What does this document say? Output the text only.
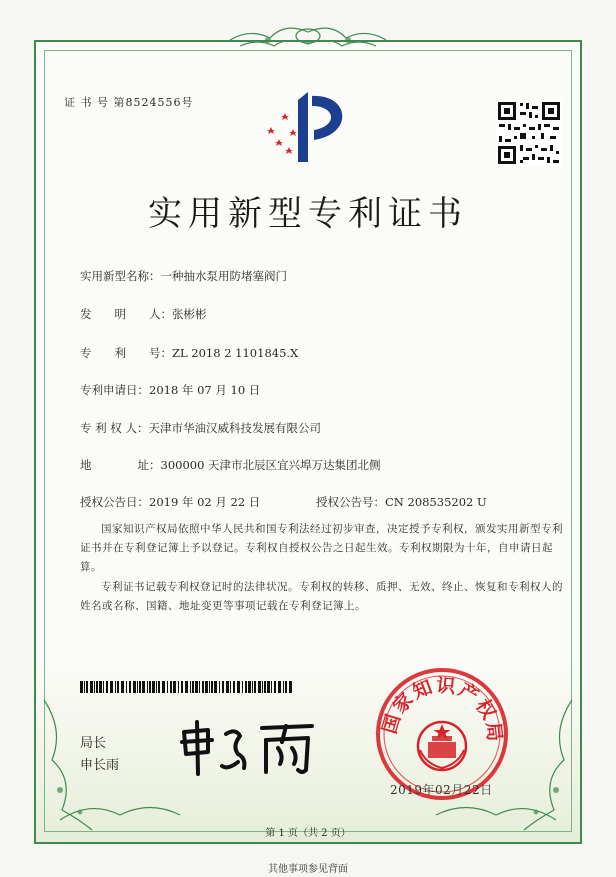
证 书 号 第8524556号
实用新型专利证书
实用新型名称：一种抽水泵用防堵塞阀门
发　　明　　人：张彬彬
专　　利　　号：ZL 2018 2 1101845.X
专利申请日：2018 年 07 月 10 日
专 利 权 人：天津市华油汉威科技发展有限公司
地　　　　址：300000 天津市北辰区宜兴埠万达集团北侧
授权公告日：2019 年 02 月 22 日	授权公告号：CN 208535202 U
国家知识产权局依照中华人民共和国专利法经过初步审查，决定授予专利权，颁发实用新型专利证书并在专利登记簿上予以登记。专利权自授权公告之日起生效。专利权期限为十年，自申请日起算。
专利证书记载专利权登记时的法律状况。专利权的转移、质押、无效、终止、恢复和专利权人的姓名或名称、国籍、地址变更等事项记载在专利登记簿上。
局长
申长雨
国家知识产权局
2019年02月22日
第 1 页（共 2 页）
其他事项参见背面
